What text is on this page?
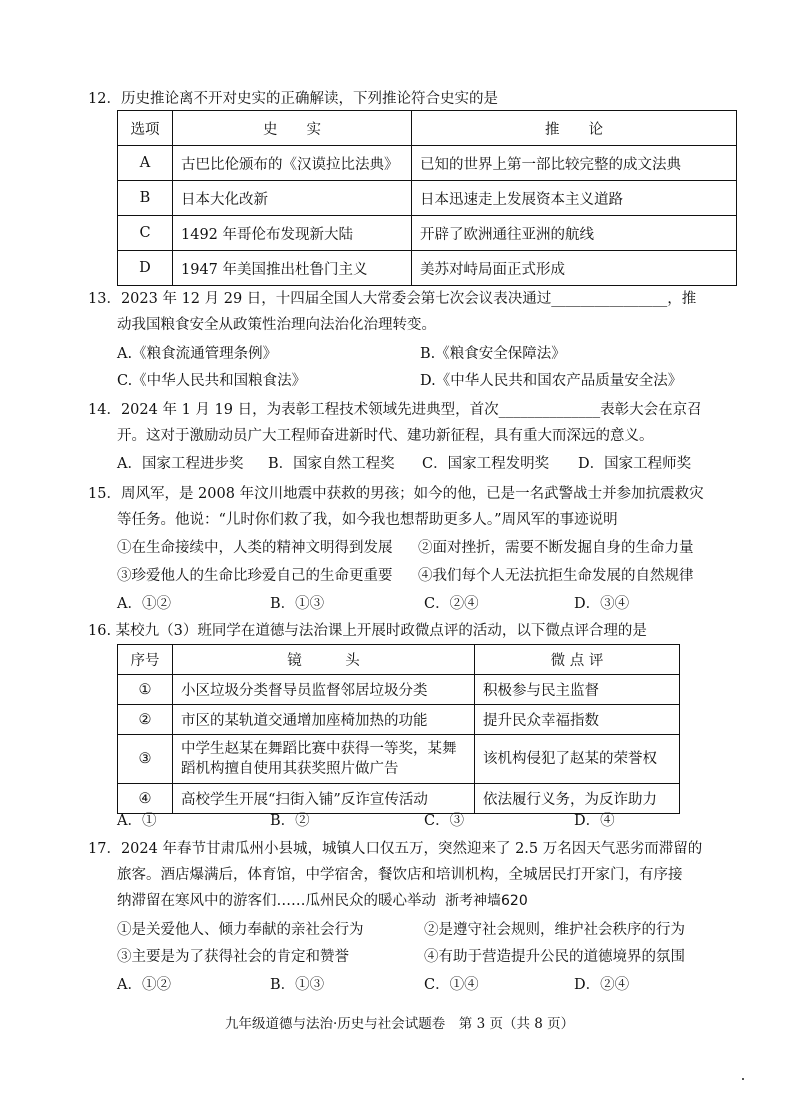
12．历史推论离不开对史实的正确解读，下列推论符合史实的是
选项	史　　实	推　　论
A	古巴比伦颁布的《汉谟拉比法典》	已知的世界上第一部比较完整的成文法典
B	日本大化改新	日本迅速走上发展资本主义道路
C	1492 年哥伦布发现新大陆	开辟了欧洲通往亚洲的航线
D	1947 年美国推出杜鲁门主义	美苏对峙局面正式形成
13．2023 年 12 月 29 日，十四届全国人大常委会第七次会议表决通过________________，推
动我国粮食安全从政策性治理向法治化治理转变。
A.《粮食流通管理条例》	B.《粮食安全保障法》
C.《中华人民共和国粮食法》	D.《中华人民共和国农产品质量安全法》
14．2024 年 1 月 19 日，为表彰工程技术领域先进典型，首次______________表彰大会在京召
开。这对于激励动员广大工程师奋进新时代、建功新征程，具有重大而深远的意义。
A．国家工程进步奖 B．国家自然工程奖 C．国家工程发明奖 D．国家工程师奖
15．周风军，是 2008 年汶川地震中获救的男孩；如今的他，已是一名武警战士并参加抗震救灾
等任务。他说：“儿时你们救了我，如今我也想帮助更多人。”周风军的事迹说明
①在生命接续中，人类的精神文明得到发展 ②面对挫折，需要不断发掘自身的生命力量
③珍爱他人的生命比珍爱自己的生命更重要 ④我们每个人无法抗拒生命发展的自然规律
A．①②	B．①③	C．②④	D．③④
16. 某校九（3）班同学在道德与法治课上开展时政微点评的活动，以下微点评合理的是
序号	镜　　　头	微 点 评
①	小区垃圾分类督导员监督邻居垃圾分类	积极参与民主监督
②	市区的某轨道交通增加座椅加热的功能	提升民众幸福指数
③	中学生赵某在舞蹈比赛中获得一等奖，某舞蹈机构擅自使用其获奖照片做广告	该机构侵犯了赵某的荣誉权
④	高校学生开展“扫街入铺”反诈宣传活动	依法履行义务，为反诈助力
A．①	B．②	C．③	D．④
17．2024 年春节甘肃瓜州小县城，城镇人口仅五万，突然迎来了 2.5 万名因天气恶劣而滞留的
旅客。酒店爆满后，体育馆，中学宿舍，餐饮店和培训机构，全城居民打开家门，有序接
纳滞留在寒风中的游客们……瓜州民众的暖心举动 浙考神墙620
①是关爱他人、倾力奉献的亲社会行为	②是遵守社会规则，维护社会秩序的行为
③主要是为了获得社会的肯定和赞誉	④有助于营造提升公民的道德境界的氛围
A．①②	B．①③	C．①④	D．②④
九年级道德与法治·历史与社会试题卷　第 3 页（共 8 页）
